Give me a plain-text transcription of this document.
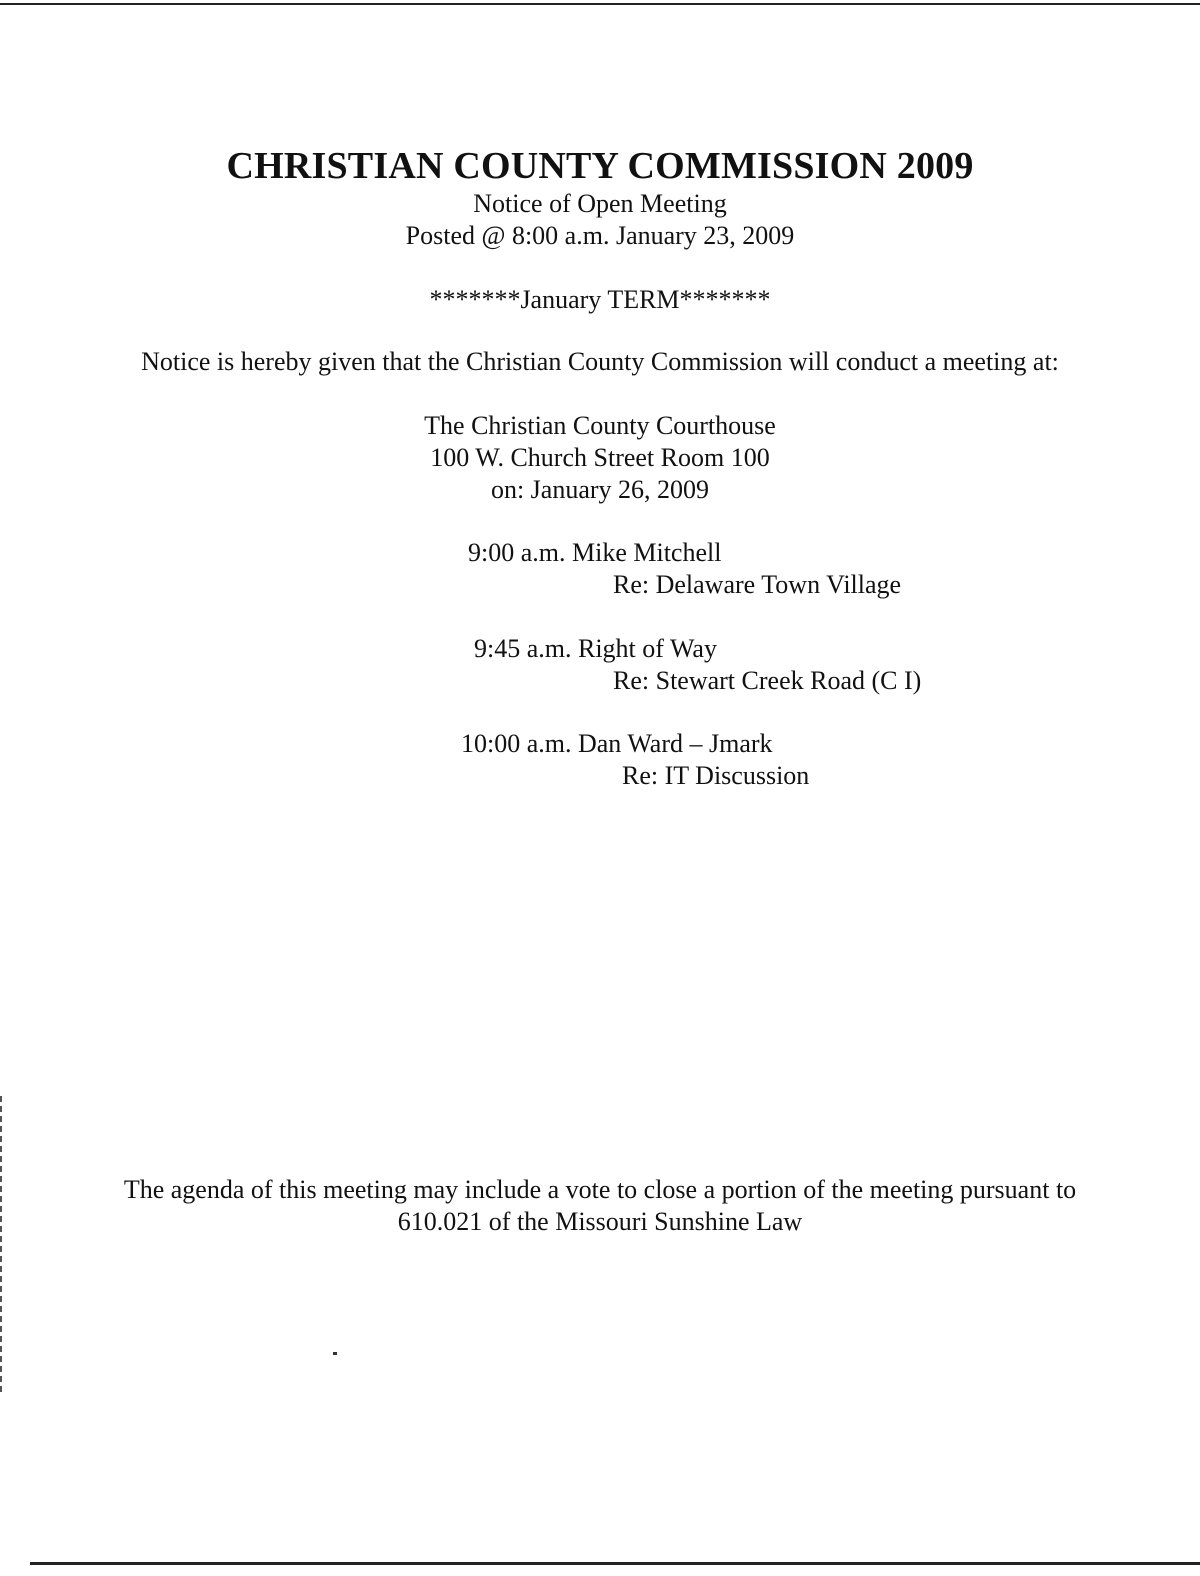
CHRISTIAN COUNTY COMMISSION 2009
Notice of Open Meeting
Posted @ 8:00 a.m. January 23, 2009
*******January TERM*******
Notice is hereby given that the Christian County Commission will conduct a meeting at:
The Christian County Courthouse
100 W. Church Street Room 100
on: January 26, 2009
9:00 a.m. Mike Mitchell
Re: Delaware Town Village
9:45 a.m. Right of Way
Re: Stewart Creek Road (C I)
10:00 a.m. Dan Ward – Jmark
Re: IT Discussion
The agenda of this meeting may include a vote to close a portion of the meeting pursuant to
610.021 of the Missouri Sunshine Law
